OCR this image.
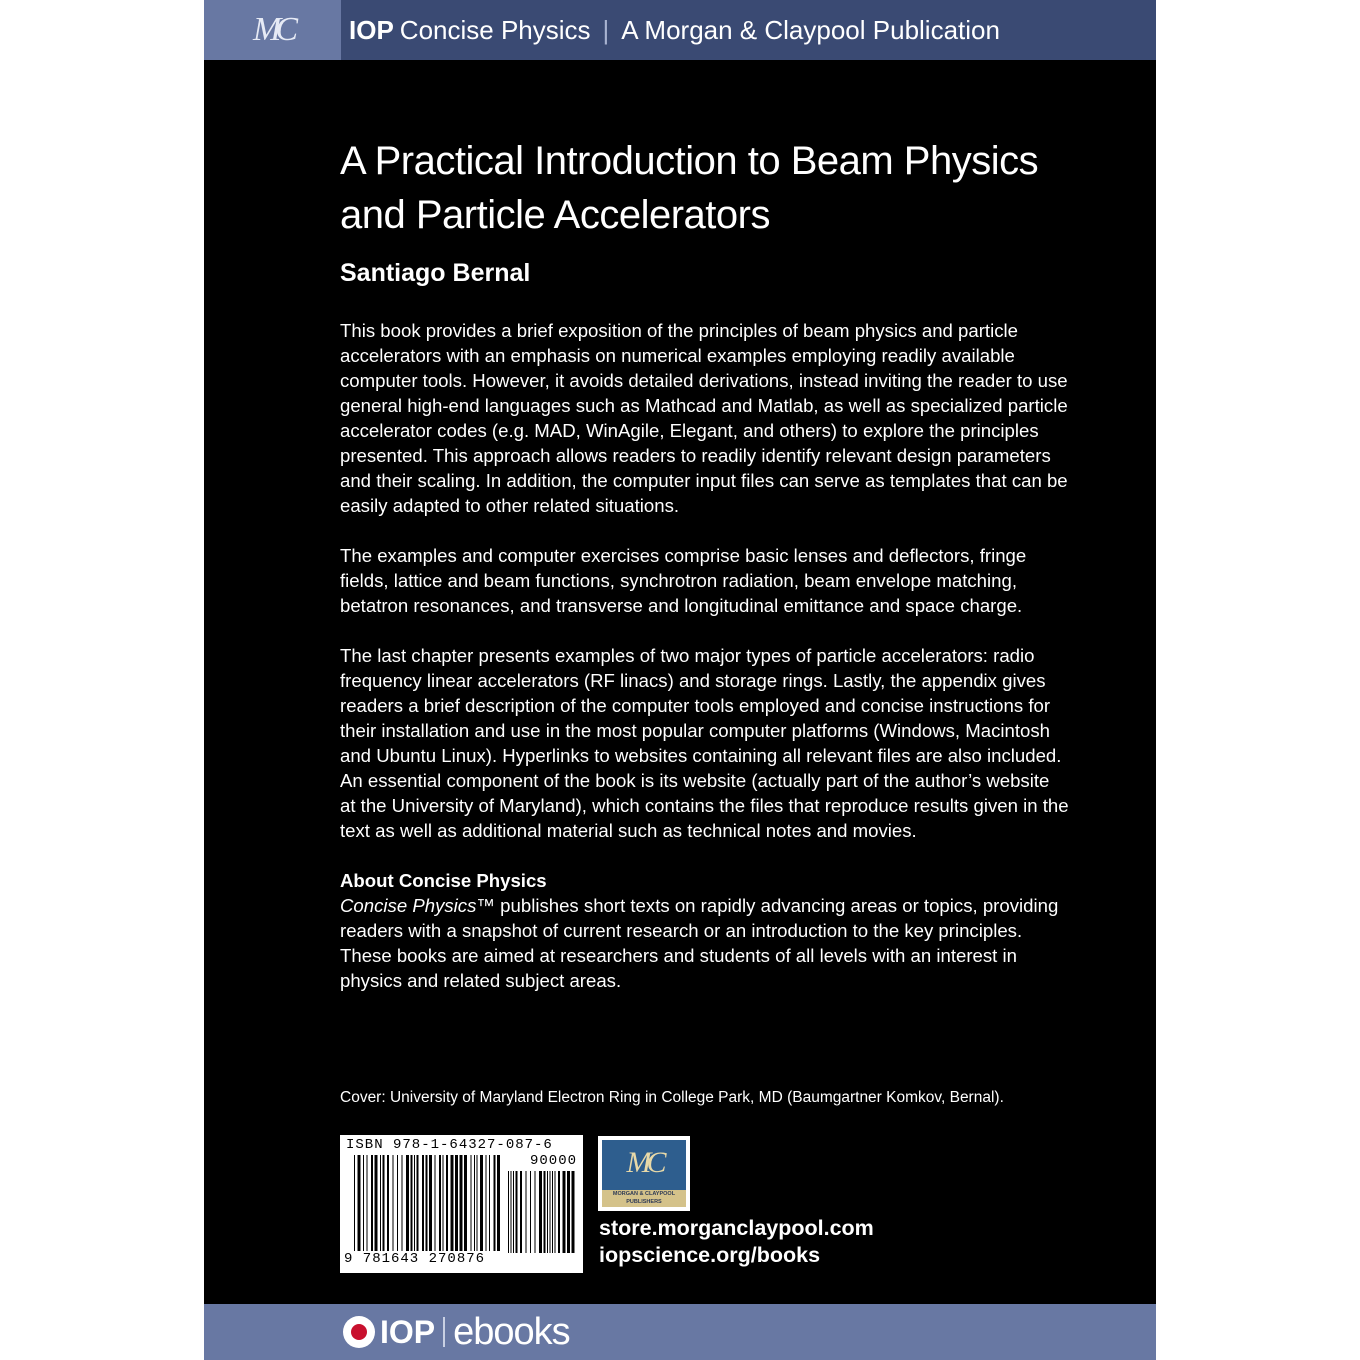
MC IOP Concise Physics | A Morgan & Claypool Publication
A Practical Introduction to Beam Physics
and Particle Accelerators
Santiago Bernal

This book provides a brief exposition of the principles of beam physics and particle accelerators with an emphasis on numerical examples employing readily available computer tools. However, it avoids detailed derivations, instead inviting the reader to use general high-end languages such as Mathcad and Matlab, as well as specialized particle accelerator codes (e.g. MAD, WinAgile, Elegant, and others) to explore the principles presented. This approach allows readers to readily identify relevant design parameters and their scaling. In addition, the computer input files can serve as templates that can be easily adapted to other related situations.

The examples and computer exercises comprise basic lenses and deflectors, fringe fields, lattice and beam functions, synchrotron radiation, beam envelope matching, betatron resonances, and transverse and longitudinal emittance and space charge.

The last chapter presents examples of two major types of particle accelerators: radio frequency linear accelerators (RF linacs) and storage rings. Lastly, the appendix gives readers a brief description of the computer tools employed and concise instructions for their installation and use in the most popular computer platforms (Windows, Macintosh and Ubuntu Linux). Hyperlinks to websites containing all relevant files are also included. An essential component of the book is its website (actually part of the author’s website at the University of Maryland), which contains the files that reproduce results given in the text as well as additional material such as technical notes and movies.

About Concise Physics
Concise Physics™ publishes short texts on rapidly advancing areas or topics, providing readers with a snapshot of current research or an introduction to the key principles. These books are aimed at researchers and students of all levels with an interest in physics and related subject areas.
Cover: University of Maryland Electron Ring in College Park, MD (Baumgartner Komkov, Bernal).
ISBN 978-1-64327-087-6
90000
9 781643 270876
MC
MORGAN & CLAYPOOL PUBLISHERS
store.morganclaypool.com
iopscience.org/books
IOP ebooks
